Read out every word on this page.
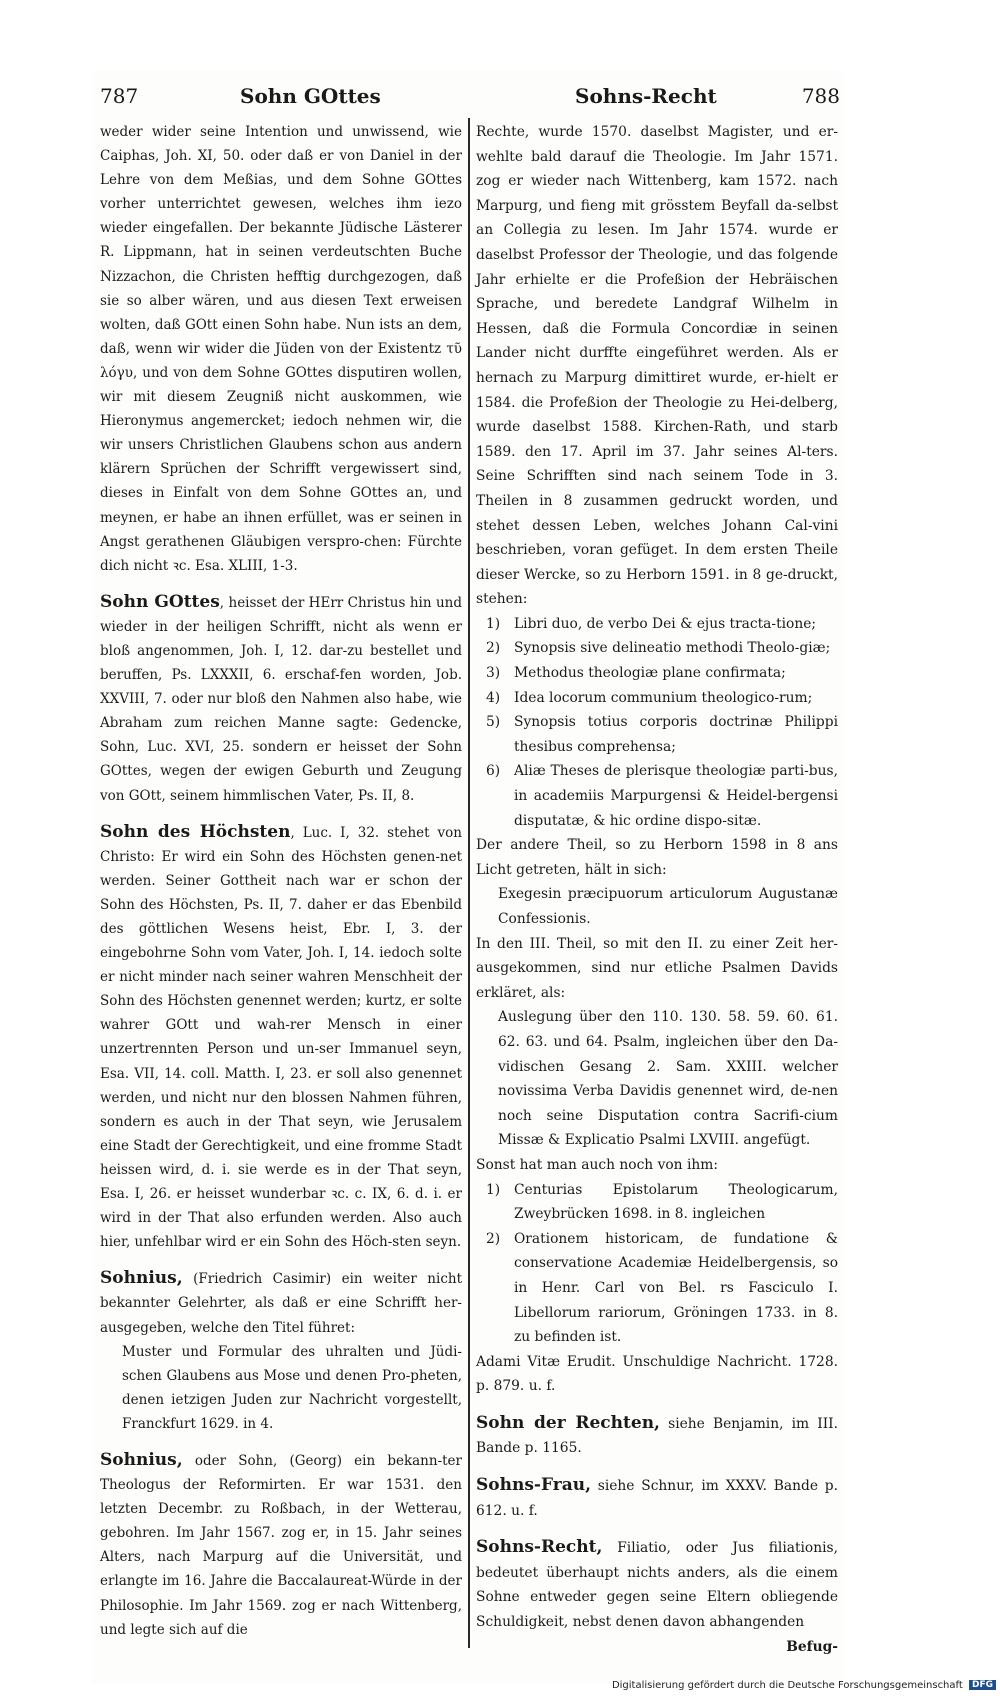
787	Sohn GOttes	Sohns-Recht	788

weder wider seine Intention und unwissend, wie Caiphas, Joh. XI, 50. oder daß er von Daniel in der Lehre von dem Meßias, und dem Sohne GOttes vorher unterrichtet gewesen, welches ihm iezo wieder eingefallen. Der bekannte Jüdische Lästerer R. Lippmann, hat in seinen verdeutschten Buche Nizzachon, die Christen hefftig durchgezogen, daß sie so alber wären, und aus diesen Text erweisen wolten, daß GOtt einen Sohn habe. Nun ists an dem, daß, wenn wir wider die Jüden von der Existentz τῦ λόγυ, und von dem Sohne GOttes disputiren wollen, wir mit diesem Zeugniß nicht auskommen, wie Hieronymus angemercket; iedoch nehmen wir, die wir unsers Christlichen Glaubens schon aus andern klärern Sprüchen der Schrifft vergewissert sind, dieses in Einfalt von dem Sohne GOttes an, und meynen, er habe an ihnen erfüllet, was er seinen in Angst gerathenen Gläubigen verspro-chen: Fürchte dich nicht ꝛc. Esa. XLIII, 1-3.

Sohn GOttes, heisset der HErr Christus hin und wieder in der heiligen Schrifft, nicht als wenn er bloß angenommen, Joh. I, 12. dar-zu bestellet und beruffen, Ps. LXXXII, 6. erschaf-fen worden, Job. XXVIII, 7. oder nur bloß den Nahmen also habe, wie Abraham zum reichen Manne sagte: Gedencke, Sohn, Luc. XVI, 25. sondern er heisset der Sohn GOttes, wegen der ewigen Geburth und Zeugung von GOtt, seinem himmlischen Vater, Ps. II, 8.

Sohn des Höchsten, Luc. I, 32. stehet von Christo: Er wird ein Sohn des Höchsten genen-net werden. Seiner Gottheit nach war er schon der Sohn des Höchsten, Ps. II, 7. daher er das Ebenbild des göttlichen Wesens heist, Ebr. I, 3. der eingebohrne Sohn vom Vater, Joh. I, 14. iedoch solte er nicht minder nach seiner wahren Menschheit der Sohn des Höchsten genennet werden; kurtz, er solte wahrer GOtt und wah-rer Mensch in einer unzertrennten Person und un-ser Immanuel seyn, Esa. VII, 14. coll. Matth. I, 23. er soll also genennet werden, und nicht nur den blossen Nahmen führen, sondern es auch in der That seyn, wie Jerusalem eine Stadt der Gerechtigkeit, und eine fromme Stadt heissen wird, d. i. sie werde es in der That seyn, Esa. I, 26. er heisset wunderbar ꝛc. c. IX, 6. d. i. er wird in der That also erfunden werden. Also auch hier, unfehlbar wird er ein Sohn des Höch-sten seyn.

Sohnius, (Friedrich Casimir) ein weiter nicht bekannter Gelehrter, als daß er eine Schrifft her-ausgegeben, welche den Titel führet:

Muster und Formular des uhralten und Jüdi-schen Glaubens aus Mose und denen Pro-pheten, denen ietzigen Juden zur Nachricht vorgestellt, Franckfurt 1629. in 4.

Sohnius, oder Sohn, (Georg) ein bekann-ter Theologus der Reformirten. Er war 1531. den letzten Decembr. zu Roßbach, in der Wetterau, gebohren. Im Jahr 1567. zog er, in 15. Jahr seines Alters, nach Marpurg auf die Universität, und erlangte im 16. Jahre die Baccalaureat-Würde in der Philosophie. Im Jahr 1569. zog er nach Wittenberg, und legte sich auf die

Rechte, wurde 1570. daselbst Magister, und er-wehlte bald darauf die Theologie. Im Jahr 1571. zog er wieder nach Wittenberg, kam 1572. nach Marpurg, und fieng mit grösstem Beyfall da-selbst an Collegia zu lesen. Im Jahr 1574. wurde er daselbst Professor der Theologie, und das folgende Jahr erhielte er die Profeßion der Hebräischen Sprache, und beredete Landgraf Wilhelm in Hessen, daß die Formula Concordiæ in seinen Lander nicht durffte eingeführet werden. Als er hernach zu Marpurg dimittiret wurde, er-hielt er 1584. die Profeßion der Theologie zu Hei-delberg, wurde daselbst 1588. Kirchen-Rath, und starb 1589. den 17. April im 37. Jahr seines Al-ters. Seine Schrifften sind nach seinem Tode in 3. Theilen in 8 zusammen gedruckt worden, und stehet dessen Leben, welches Johann Cal-vini beschrieben, voran gefüget. In dem ersten Theile dieser Wercke, so zu Herborn 1591. in 8 ge-druckt, stehen:

1) Libri duo, de verbo Dei & ejus tracta-tione;
2) Synopsis sive delineatio methodi Theolo-giæ;
3) Methodus theologiæ plane confirmata;
4) Idea locorum communium theologico-rum;
5) Synopsis totius corporis doctrinæ Philippi thesibus comprehensa;
6) Aliæ Theses de plerisque theologiæ parti-bus, in academiis Marpurgensi & Heidel-bergensi disputatæ, & hic ordine dispo-sitæ.

Der andere Theil, so zu Herborn 1598 in 8 ans Licht getreten, hält in sich:

Exegesin præcipuorum articulorum Augustanæ Confessionis.

In den III. Theil, so mit den II. zu einer Zeit her-ausgekommen, sind nur etliche Psalmen Davids erkläret, als:

Auslegung über den 110. 130. 58. 59. 60. 61. 62. 63. und 64. Psalm, ingleichen über den Da-vidischen Gesang 2. Sam. XXIII. welcher novissima Verba Davidis genennet wird, de-nen noch seine Disputation contra Sacrifi-cium Missæ & Explicatio Psalmi LXVIII. angefügt.

Sonst hat man auch noch von ihm:

1) Centurias Epistolarum Theologicarum, Zweybrücken 1698. in 8. ingleichen
2) Orationem historicam, de fundatione & conservatione Academiæ Heidelbergensis, so in Henr. Carl von Bel. rs Fasciculo I. Libellorum rariorum, Gröningen 1733. in 8. zu befinden ist.

Adami Vitæ Erudit. Unschuldige Nachricht. 1728. p. 879. u. f.

Sohn der Rechten, siehe Benjamin, im III. Bande p. 1165.

Sohns-Frau, siehe Schnur, im XXXV. Bande p. 612. u. f.

Sohns-Recht, Filiatio, oder Jus filiationis, bedeutet überhaupt nichts anders, als die einem Sohne entweder gegen seine Eltern obliegende Schuldigkeit, nebst denen davon abhangenden

Befug-

Digitalisierung gefördert durch die Deutsche Forschungsgemeinschaft DFG
